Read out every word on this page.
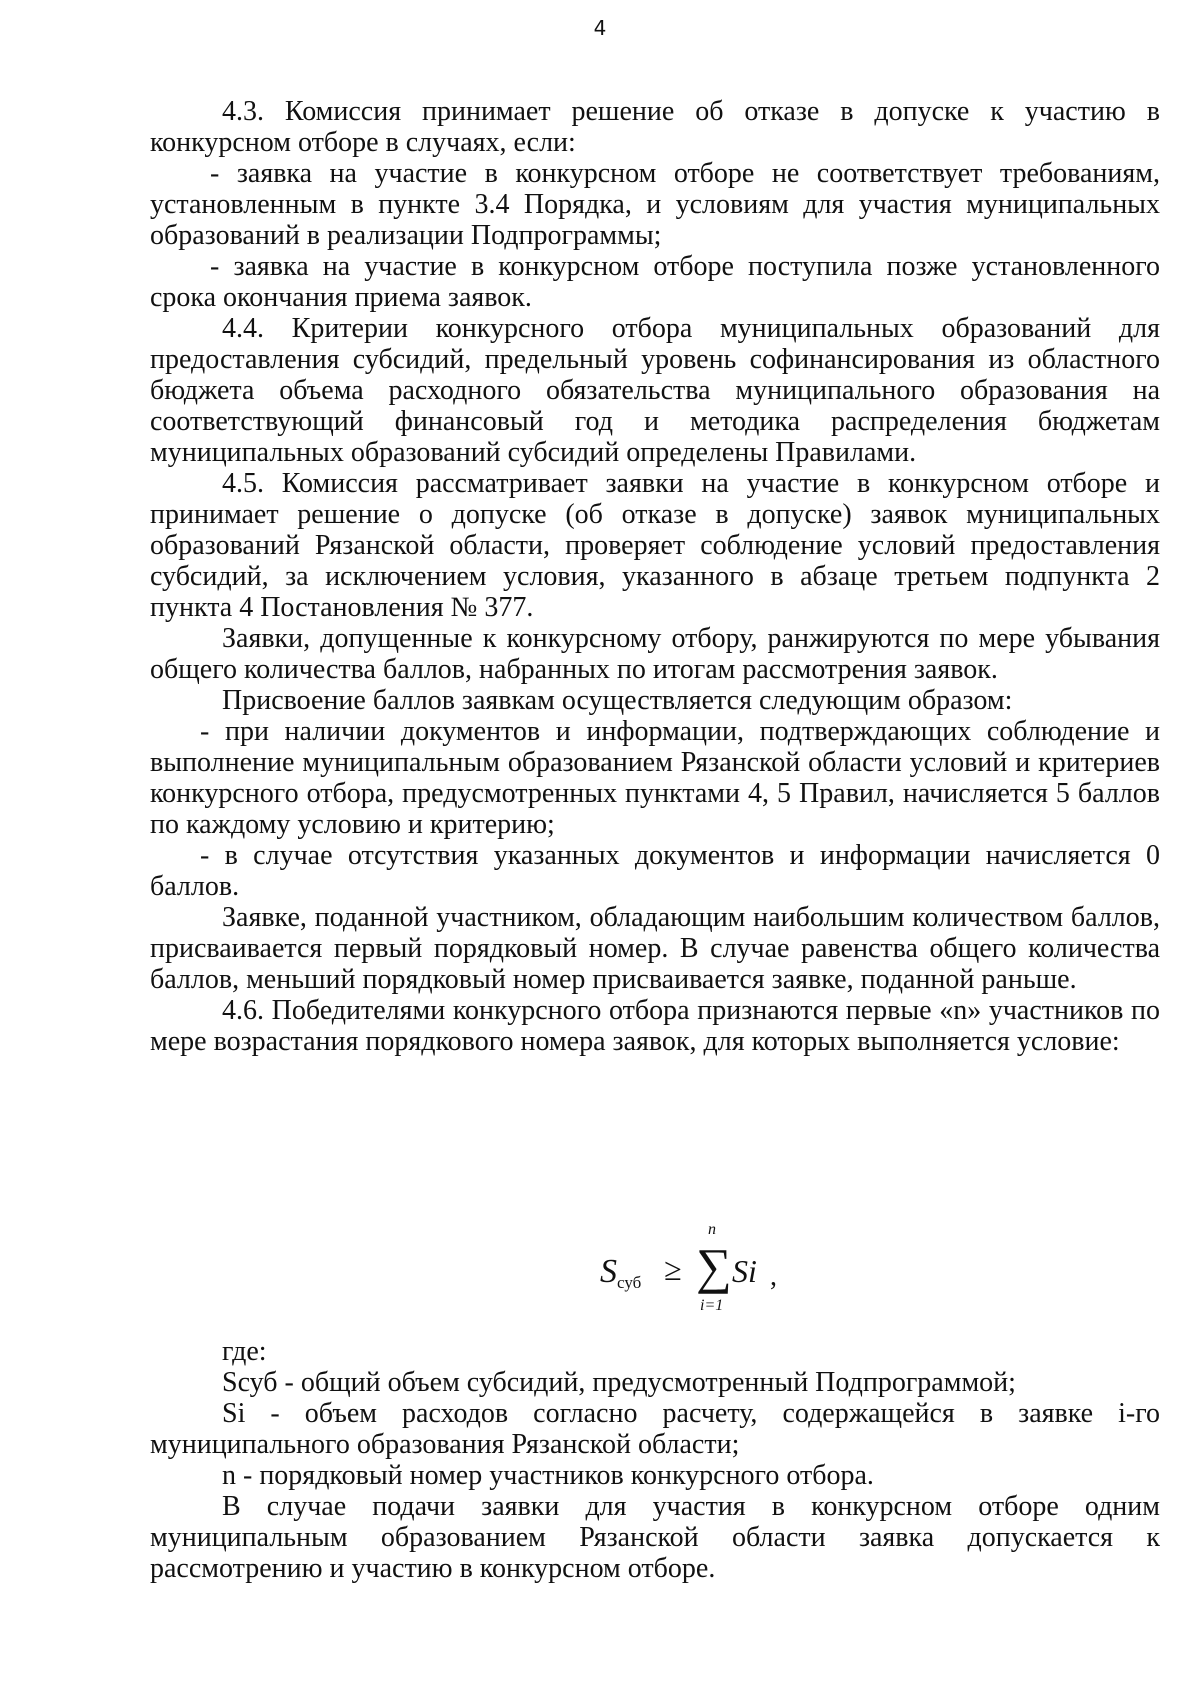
4

4.3. Комиссия принимает решение об отказе в допуске к участию в конкурсном отборе в случаях, если:

- заявка на участие в конкурсном отборе не соответствует требованиям, установленным в пункте 3.4 Порядка, и условиям для участия муниципальных образований в реализации Подпрограммы;

- заявка на участие в конкурсном отборе поступила позже установленного срока окончания приема заявок.

4.4. Критерии конкурсного отбора муниципальных образований для предоставления субсидий, предельный уровень софинансирования из областного бюджета объема расходного обязательства муниципального образования на соответствующий финансовый год и методика распределения бюджетам муниципальных образований субсидий определены Правилами.

4.5. Комиссия рассматривает заявки на участие в конкурсном отборе и принимает решение о допуске (об отказе в допуске) заявок муниципальных образований Рязанской области, проверяет соблюдение условий предоставления субсидий, за исключением условия, указанного в абзаце третьем подпункта 2 пункта 4 Постановления № 377.

Заявки, допущенные к конкурсному отбору, ранжируются по мере убывания общего количества баллов, набранных по итогам рассмотрения заявок.

Присвоение баллов заявкам осуществляется следующим образом:

- при наличии документов и информации, подтверждающих соблюдение и выполнение муниципальным образованием Рязанской области условий и критериев конкурсного отбора, предусмотренных пунктами 4, 5 Правил, начисляется 5 баллов по каждому условию и критерию;

- в случае отсутствия указанных документов и информации начисляется 0 баллов.

Заявке, поданной участником, обладающим наибольшим количеством баллов, присваивается первый порядковый номер. В случае равенства общего количества баллов, меньший порядковый номер присваивается заявке, поданной раньше.

4.6. Победителями конкурсного отбора признаются первые «n» участников по мере возрастания порядкового номера заявок, для которых выполняется условие:

$S_{суб}$ ≥
n
∑
i=1
Si ,

где:

Sсуб - общий объем субсидий, предусмотренный Подпрограммой;

Si - объем расходов согласно расчету, содержащейся в заявке i-го муниципального образования Рязанской области;

n - порядковый номер участников конкурсного отбора.

В случае подачи заявки для участия в конкурсном отборе одним муниципальным образованием Рязанской области заявка допускается к рассмотрению и участию в конкурсном отборе.
